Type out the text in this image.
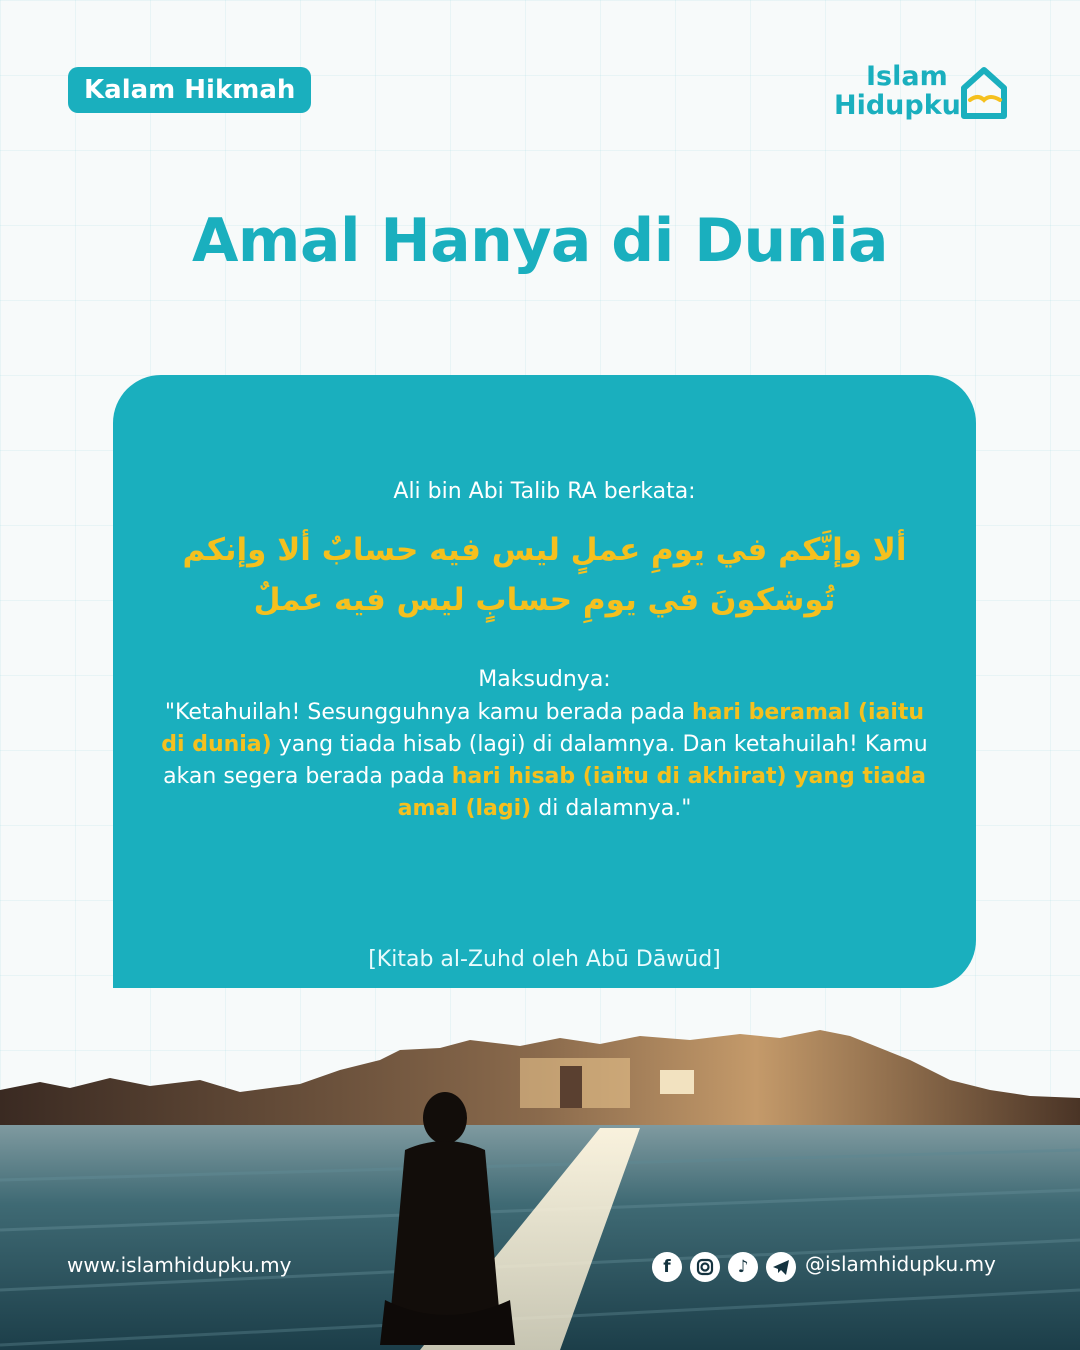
Kalam Hikmah	Islam
Hidupku
Amal Hanya di Dunia
Ali bin Abi Talib RA berkata:
ألا وإنَّكم في يومِ عملٍ ليس فيه حسابٌ ألا وإنكم
تُوشكونَ في يومِ حسابٍ ليس فيه عملٌ
Maksudnya:
"Ketahuilah! Sesungguhnya kamu berada pada hari beramal (iaitu di dunia) yang tiada hisab (lagi) di dalamnya. Dan ketahuilah! Kamu akan segera berada pada hari hisab (iaitu di akhirat) yang tiada amal (lagi) di dalamnya."
[Kitab al-Zuhd oleh Abū Dāwūd]
www.islamhidupku.my	f	♪	@islamhidupku.my
